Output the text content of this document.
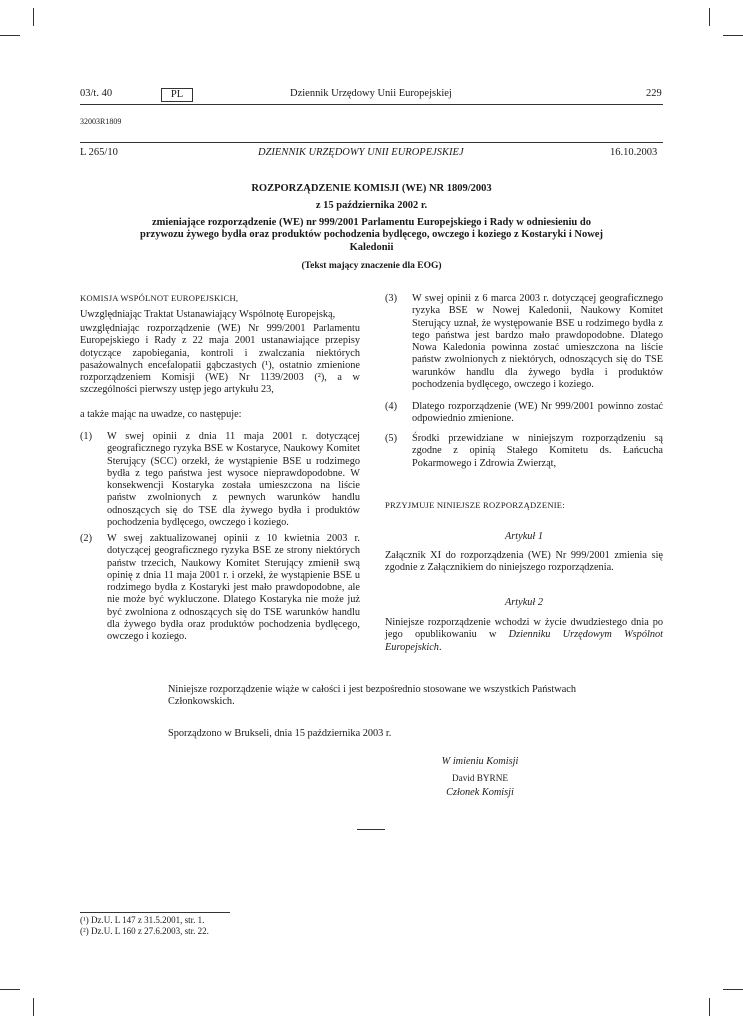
03/t. 40	PL	Dziennik Urzędowy Unii Europejskiej	229
32003R1809
L 265/10	DZIENNIK URZĘDOWY UNII EUROPEJSKIEJ	16.10.2003
ROZPORZĄDZENIE KOMISJI (WE) NR 1809/2003
z 15 października 2002 r.
zmieniające rozporządzenie (WE) nr 999/2001 Parlamentu Europejskiego i Rady w odniesieniu do przywozu żywego bydła oraz produktów pochodzenia bydlęcego, owczego i koziego z Kostaryki i Nowej Kaledonii
(Tekst mający znaczenie dla EOG)
KOMISJA WSPÓLNOT EUROPEJSKICH,
Uwzględniając Traktat Ustanawiający Wspólnotę Europejską,
uwzględniając rozporządzenie (WE) Nr 999/2001 Parlamentu Europejskiego i Rady z 22 maja 2001 ustanawiające przepisy dotyczące zapobiegania, kontroli i zwalczania niektórych pasażowalnych encefalopatii gąbczastych (¹), ostatnio zmienione rozporządzeniem Komisji (WE) Nr 1139/2003 (²), a w szczególności pierwszy ustęp jego artykułu 23,
a także mając na uwadze, co następuje:
(1) W swej opinii z dnia 11 maja 2001 r. dotyczącej geograficznego ryzyka BSE w Kostaryce, Naukowy Komitet Sterujący (SCC) orzekł, że wystąpienie BSE u rodzimego bydła z tego państwa jest wysoce nieprawdopodobne. W konsekwencji Kostaryka została umieszczona na liście państw zwolnionych z pewnych warunków handlu odnoszących się do TSE dla żywego bydła i produktów pochodzenia bydlęcego, owczego i koziego.
(2) W swej zaktualizowanej opinii z 10 kwietnia 2003 r. dotyczącej geograficznego ryzyka BSE ze strony niektórych państw trzecich, Naukowy Komitet Sterujący zmienił swą opinię z dnia 11 maja 2001 r. i orzekł, że wystąpienie BSE u rodzimego bydła z Kostaryki jest mało prawdopodobne, ale nie może być wykluczone. Dlatego Kostaryka nie może już być zwolniona z odnoszących się do TSE warunków handlu dla żywego bydła oraz produktów pochodzenia bydlęcego, owczego i koziego.
(3) W swej opinii z 6 marca 2003 r. dotyczącej geograficznego ryzyka BSE w Nowej Kaledonii, Naukowy Komitet Sterujący uznał, że występowanie BSE u rodzimego bydła z tego państwa jest bardzo mało prawdopodobne. Dlatego Nowa Kaledonia powinna zostać umieszczona na liście państw zwolnionych z niektórych, odnoszących się do TSE warunków handlu dla żywego bydła i produktów pochodzenia bydlęcego, owczego i koziego.
(4) Dlatego rozporządzenie (WE) Nr 999/2001 powinno zostać odpowiednio zmienione.
(5) Środki przewidziane w niniejszym rozporządzeniu są zgodne z opinią Stałego Komitetu ds. Łańcucha Pokarmowego i Zdrowia Zwierząt,
PRZYJMUJE NINIEJSZE ROZPORZĄDZENIE:
Artykuł 1
Załącznik XI do rozporządzenia (WE) Nr 999/2001 zmienia się zgodnie z Załącznikiem do niniejszego rozporządzenia.
Artykuł 2
Niniejsze rozporządzenie wchodzi w życie dwudziestego dnia po jego opublikowaniu w Dzienniku Urzędowym Wspólnot Europejskich.
Niniejsze rozporządzenie wiąże w całości i jest bezpośrednio stosowane we wszystkich Państwach Członkowskich.
Sporządzono w Brukseli, dnia 15 października 2003 r.
W imieniu Komisji
David BYRNE
Członek Komisji
(¹) Dz.U. L 147 z 31.5.2001, str. 1.
(²) Dz.U. L 160 z 27.6.2003, str. 22.
